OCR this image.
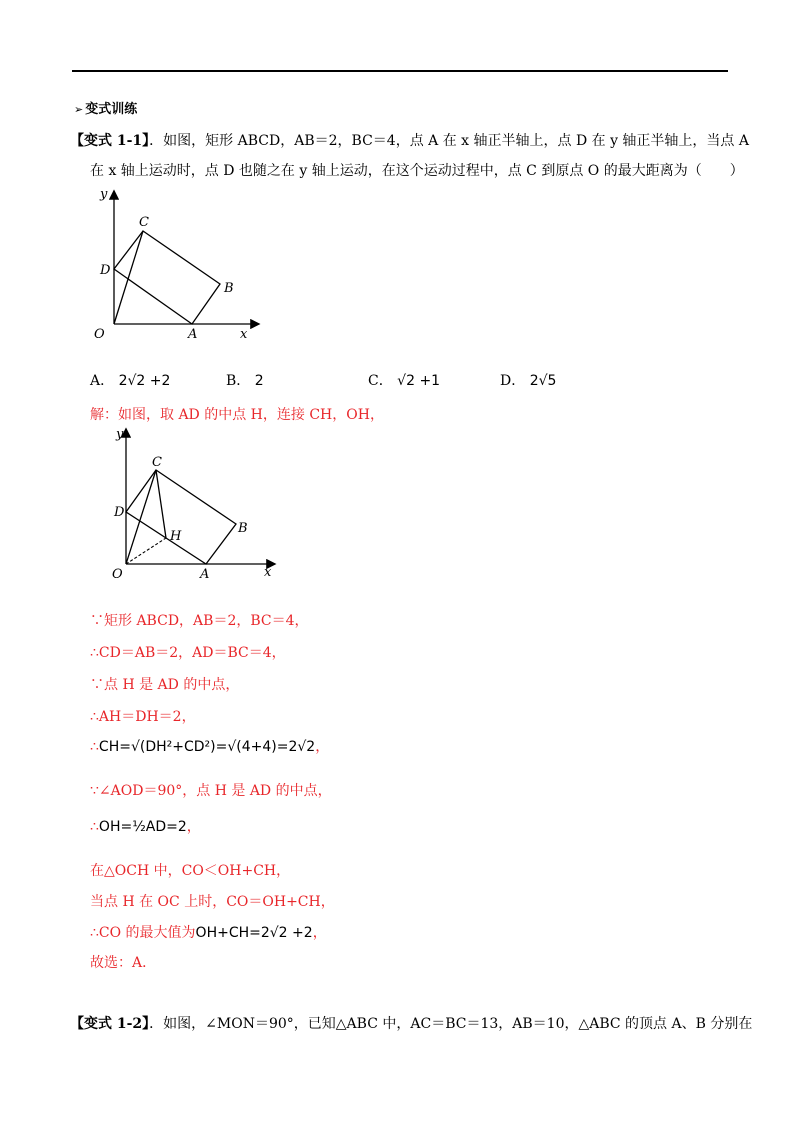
➢ 变式训练
【变式 1-1】．如图，矩形 ABCD，AB＝2，BC＝4，点 A 在 x 轴正半轴上，点 D 在 y 轴正半轴上，当点 A
在 x 轴上运动时，点 D 也随之在 y 轴上运动，在这个运动过程中，点 C 到原点 O 的最大距离为（　　）
y
x
O	A
B
C
D
A． 2√2 +2	B． 2	C． √2 +1	D． 2√5
解：如图，取 AD 的中点 H，连接 CH，OH，
y
x
O	A
B
C
D
H
∵矩形 ABCD，AB＝2，BC＝4，
∴CD＝AB＝2，AD＝BC＝4，
∵点 H 是 AD 的中点，
∴AH＝DH＝2，
∴CH=√(DH²+CD²)=√(4+4)=2√2，
∵∠AOD＝90°，点 H 是 AD 的中点，
∴OH=½AD=2，
在△OCH 中，CO＜OH+CH，
当点 H 在 OC 上时，CO＝OH+CH，
∴CO 的最大值为OH+CH=2√2 +2，
故选：A．
【变式 1-2】．如图，∠MON＝90°，已知△ABC 中，AC＝BC＝13，AB＝10，△ABC 的顶点 A、B 分别在
